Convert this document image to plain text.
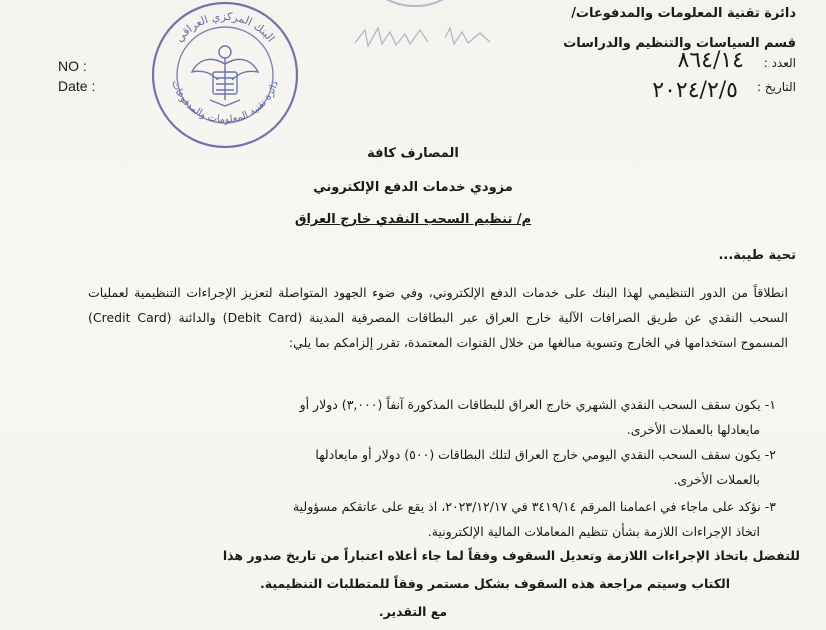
البنك المركزي العراقي
دائرة تقنية المعلومات والمدفوعات
دائرة تقنية المعلومات والمدفوعات/
قسم السياسات والتنظيم والدراسات
العدد :
٨٦٤/١٤
التاريخ :
٢٠٢٤/٢/٥
NO :
Date :
المصارف كافة
مزودي خدمات الدفع الإلكتروني
م/ تنظيم السحب النقدي خارج العراق
تحية طيبة...
انطلاقاً من الدور التنظيمي لهذا البنك على خدمات الدفع الإلكتروني، وفي ضوء الجهود المتواصلة لتعزيز الإجراءات التنظيمية لعمليات السحب النقدي عن طريق الصرافات الآلية خارج العراق عبر البطاقات المصرفية المدينة (Debit Card) والدائنة (Credit Card) المسموح استخدامها في الخارج وتسوية مبالغها من خلال القنوات المعتمدة، تقرر إلزامكم بما يلي:
١- يكون سقف السحب النقدي الشهري خارج العراق للبطاقات المذكورة آنفاً (٣,٠٠٠) دولار أو
مايعادلها بالعملات الأخرى.
٢- يكون سقف السحب النقدي اليومي خارج العراق لتلك البطاقات (٥٠٠) دولار أو مايعادلها
بالعملات الأخرى.
٣- نؤكد على ماجاء في اعمامنا المرقم ٣٤١٩/١٤ في ٢٠٢٣/١٢/١٧، اذ يقع على عاتقكم مسؤولية
اتخاذ الإجراءات اللازمة بشأن تنظيم المعاملات المالية الإلكترونية.
للتفضل باتخاذ الإجراءات اللازمة وتعديل السقوف وفقاً لما جاء أعلاه اعتباراً من تاريخ صدور هذا
الكتاب وسيتم مراجعة هذه السقوف بشكل مستمر وفقاً للمتطلبات التنظيمية.
مع التقدير.
